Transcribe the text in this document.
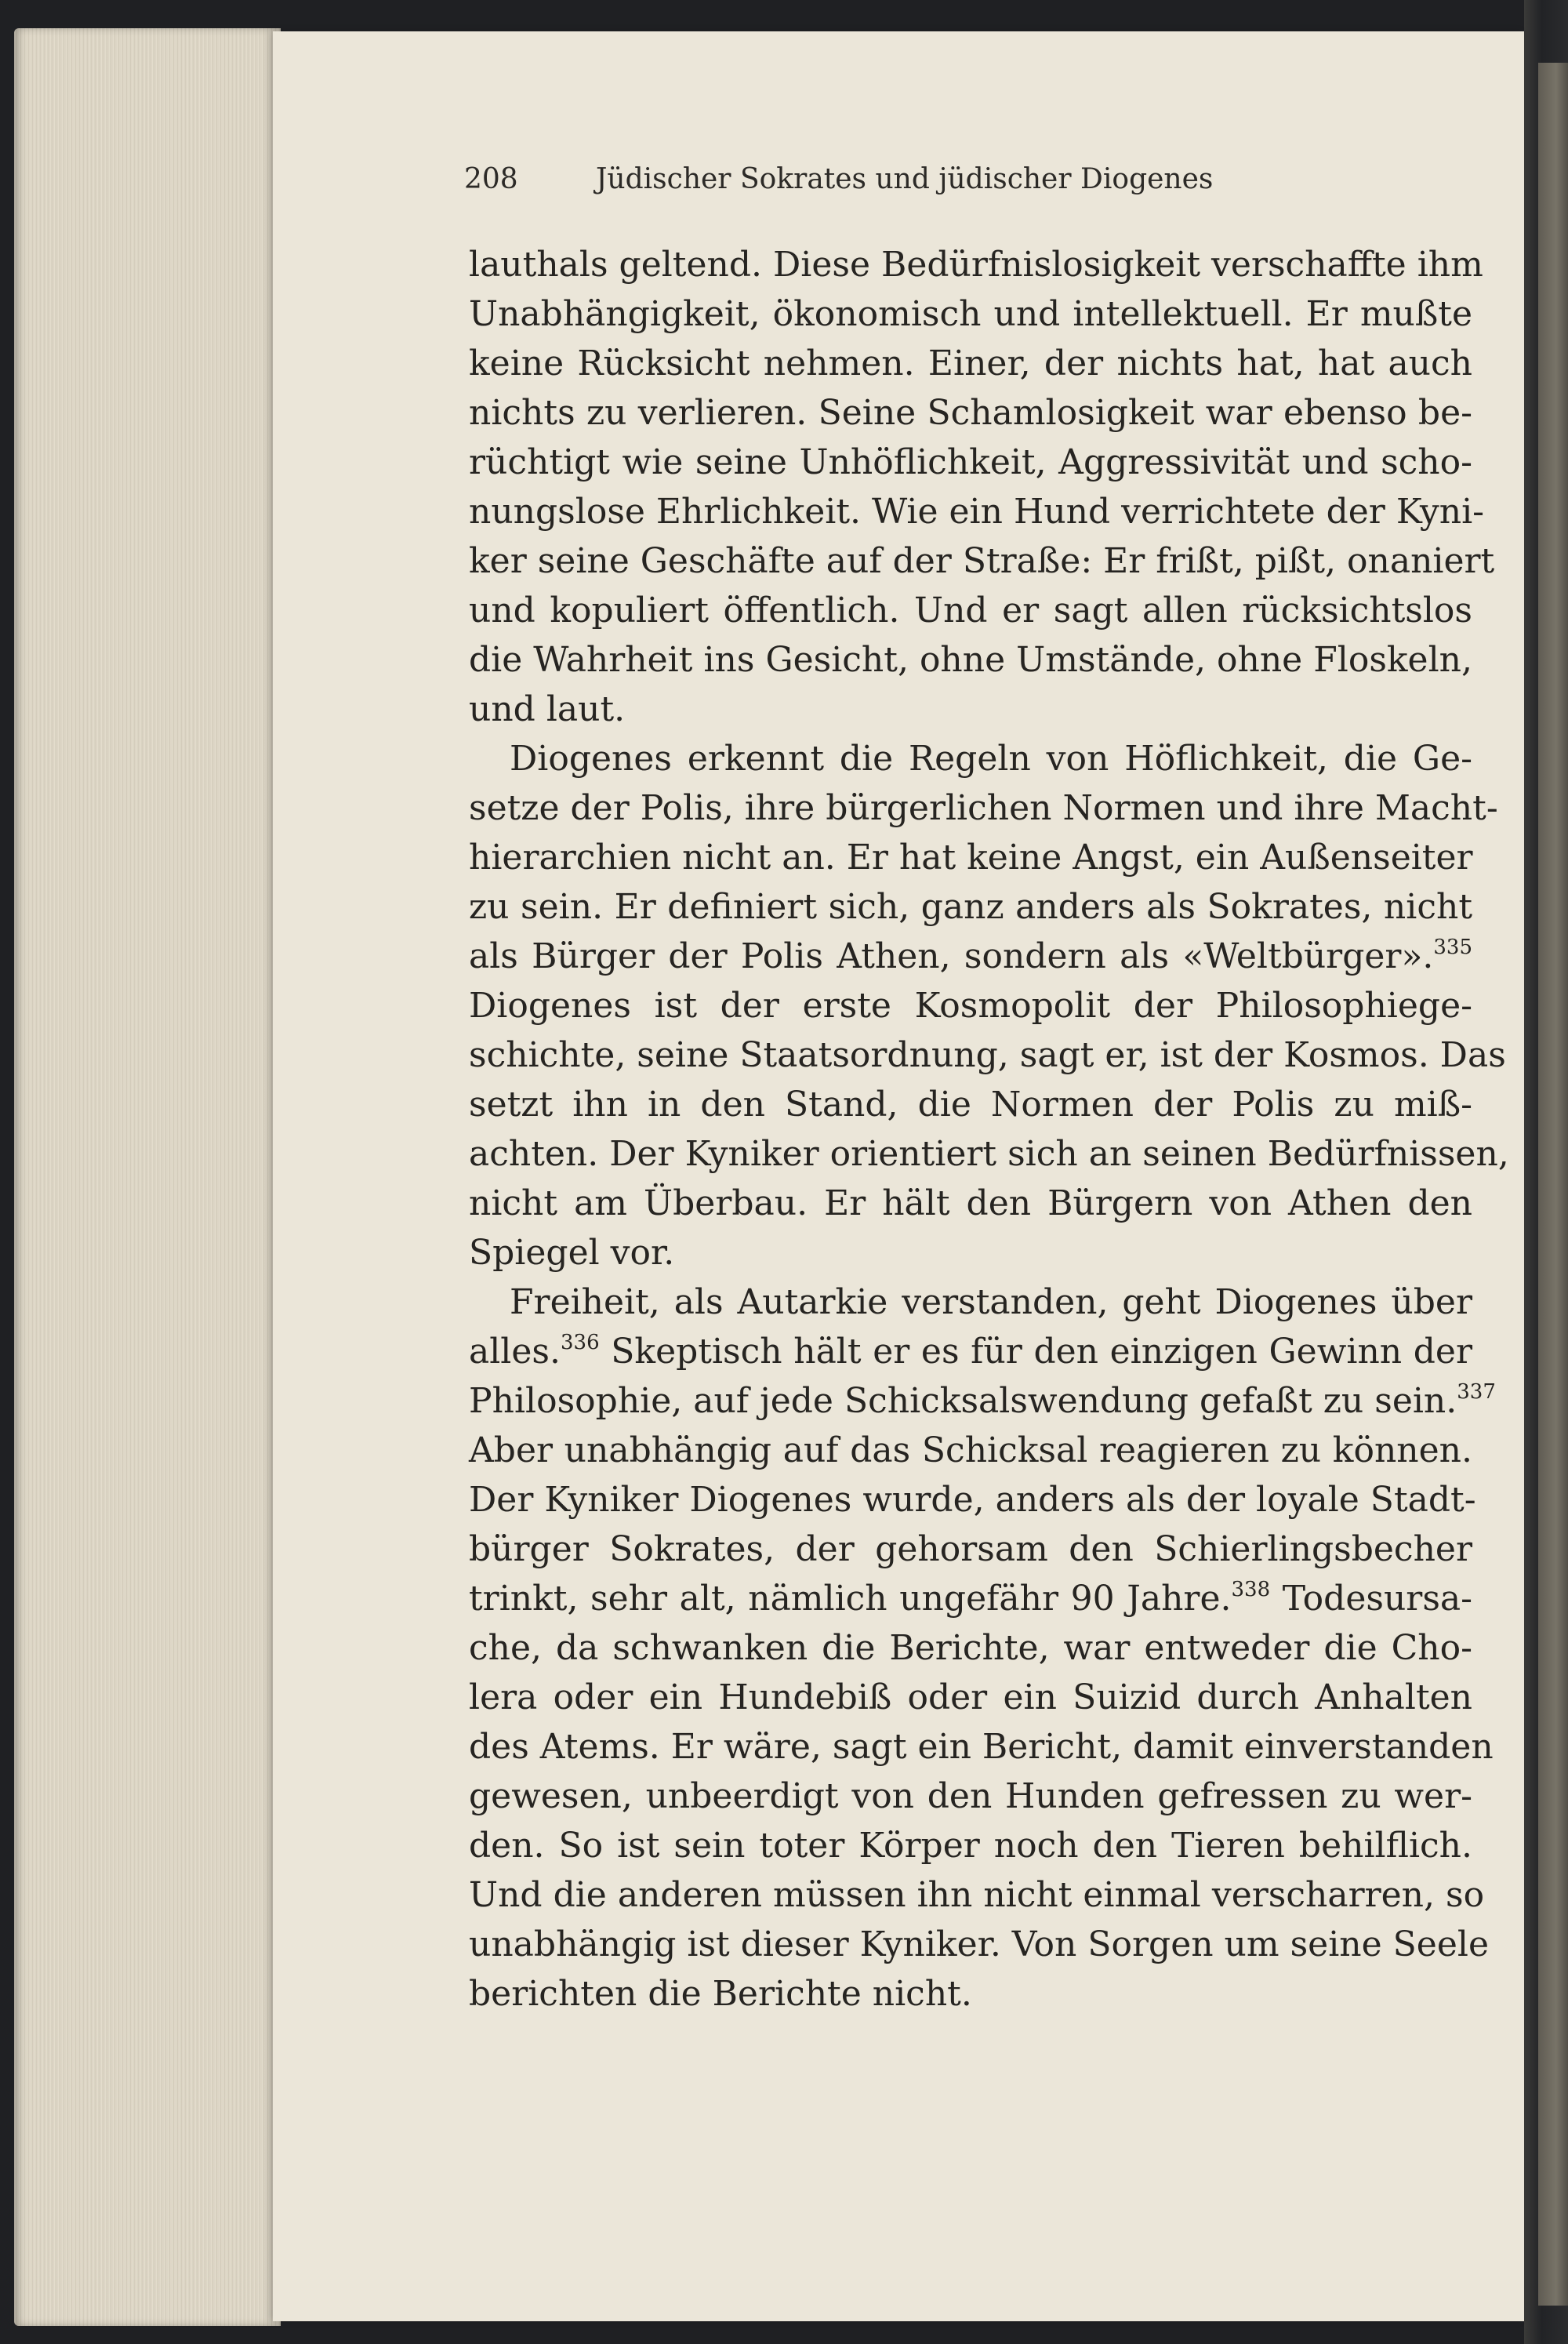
208	Jüdischer Sokrates und jüdischer Diogenes
lauthals geltend. Diese Bedürfnislosigkeit verschaffte ihm
Unabhängigkeit, ökonomisch und intellektuell. Er mußte
keine Rücksicht nehmen. Einer, der nichts hat, hat auch
nichts zu verlieren. Seine Schamlosigkeit war ebenso be-
rüchtigt wie seine Unhöflichkeit, Aggressivität und scho-
nungslose Ehrlichkeit. Wie ein Hund verrichtete der Kyni-
ker seine Geschäfte auf der Straße: Er frißt, pißt, onaniert
und kopuliert öffentlich. Und er sagt allen rücksichtslos
die Wahrheit ins Gesicht, ohne Umstände, ohne Floskeln,
und laut.
Diogenes erkennt die Regeln von Höflichkeit, die Ge-
setze der Polis, ihre bürgerlichen Normen und ihre Macht-
hierarchien nicht an. Er hat keine Angst, ein Außenseiter
zu sein. Er definiert sich, ganz anders als Sokrates, nicht
als Bürger der Polis Athen, sondern als «Weltbürger».$^{335}$
Diogenes ist der erste Kosmopolit der Philosophiege-
schichte, seine Staatsordnung, sagt er, ist der Kosmos. Das
setzt ihn in den Stand, die Normen der Polis zu miß-
achten. Der Kyniker orientiert sich an seinen Bedürfnissen,
nicht am Überbau. Er hält den Bürgern von Athen den
Spiegel vor.
Freiheit, als Autarkie verstanden, geht Diogenes über
alles.$^{336}$ Skeptisch hält er es für den einzigen Gewinn der
Philosophie, auf jede Schicksalswendung gefaßt zu sein.$^{337}$
Aber unabhängig auf das Schicksal reagieren zu können.
Der Kyniker Diogenes wurde, anders als der loyale Stadt-
bürger Sokrates, der gehorsam den Schierlingsbecher
trinkt, sehr alt, nämlich ungefähr 90 Jahre.$^{338}$ Todesursa-
che, da schwanken die Berichte, war entweder die Cho-
lera oder ein Hundebiß oder ein Suizid durch Anhalten
des Atems. Er wäre, sagt ein Bericht, damit einverstanden
gewesen, unbeerdigt von den Hunden gefressen zu wer-
den. So ist sein toter Körper noch den Tieren behilflich.
Und die anderen müssen ihn nicht einmal verscharren, so
unabhängig ist dieser Kyniker. Von Sorgen um seine Seele
berichten die Berichte nicht.
